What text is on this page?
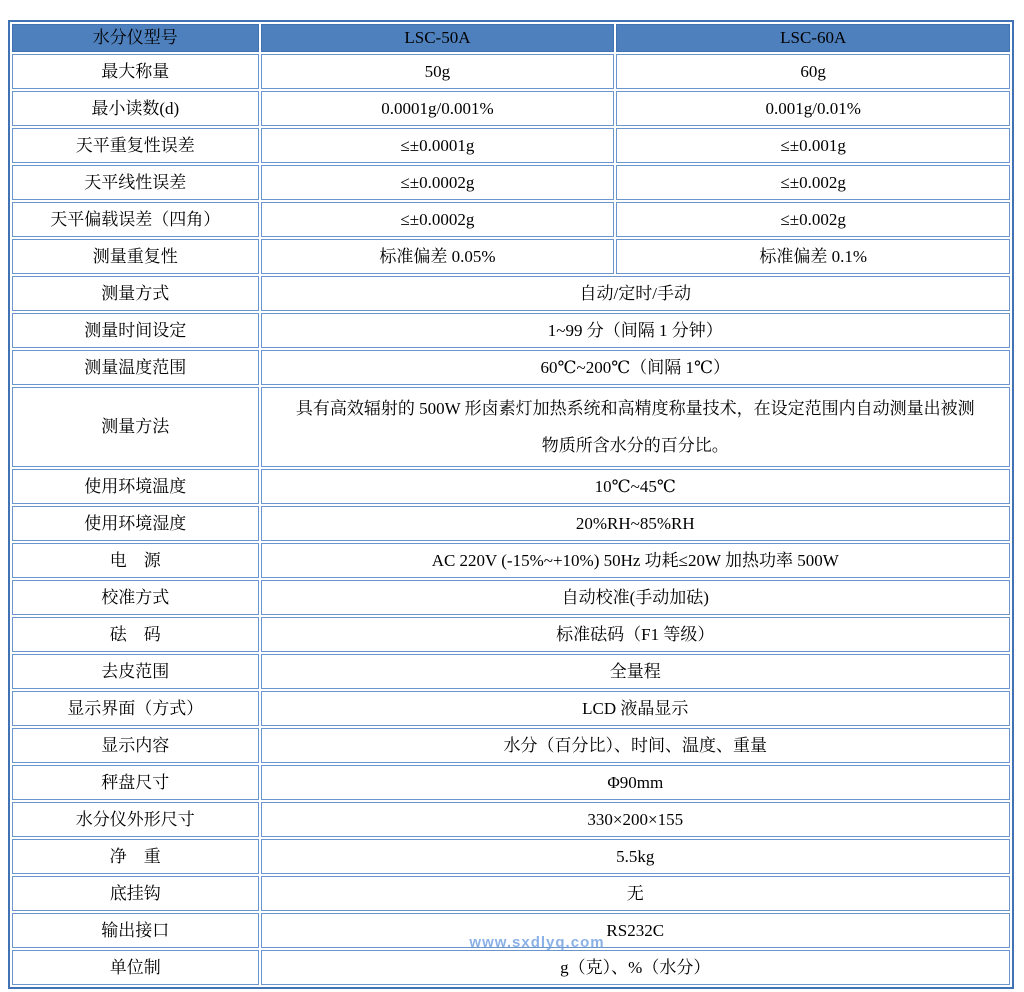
水分仪型号	LSC-50A	LSC-60A
最大称量	50g	60g
最小读数(d)	0.0001g/0.001%	0.001g/0.01%
天平重复性误差	≤±0.0001g	≤±0.001g
天平线性误差	≤±0.0002g	≤±0.002g
天平偏载误差（四角）	≤±0.0002g	≤±0.002g
测量重复性	标准偏差 0.05%	标准偏差 0.1%
测量方式	自动/定时/手动	
测量时间设定	1~99 分（间隔 1 分钟）	
测量温度范围	60℃~200℃（间隔 1℃）	
测量方法	具有高效辐射的 500W 形卤素灯加热系统和高精度称量技术，在设定范围内自动测量出被测物质所含水分的百分比。	
使用环境温度	10℃~45℃	
使用环境湿度	20%RH~85%RH	
电　源	AC 220V (-15%~+10%) 50Hz 功耗≤20W 加热功率 500W	
校准方式	自动校准(手动加砝)	
砝　码	标准砝码（F1 等级）	
去皮范围	全量程	
显示界面（方式）	LCD 液晶显示	
显示内容	水分（百分比）、时间、温度、重量	
秤盘尺寸	Φ90mm	
水分仪外形尺寸	330×200×155	
净　重	5.5kg	
底挂钩	无	
输出接口	RS232C	
单位制	g（克）、%（水分）	
www.sxdlyq.com
